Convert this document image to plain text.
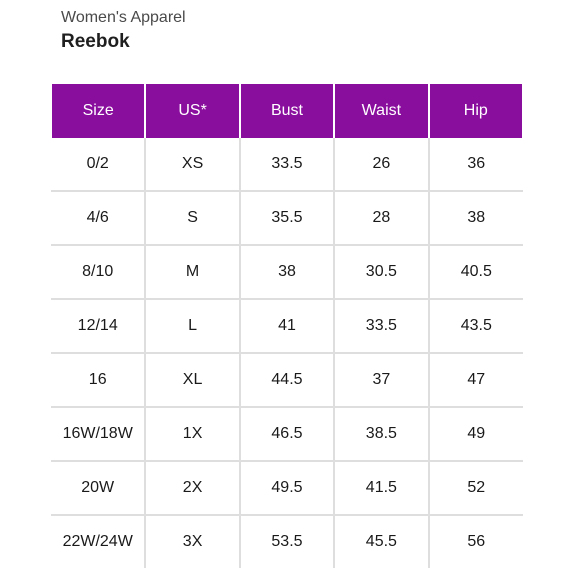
Women's Apparel
Reebok
Size	US*	Bust	Waist	Hip
0/2	XS	33.5	26	36
4/6	S	35.5	28	38
8/10	M	38	30.5	40.5
12/14	L	41	33.5	43.5
16	XL	44.5	37	47
16W/18W	1X	46.5	38.5	49
20W	2X	49.5	41.5	52
22W/24W	3X	53.5	45.5	56
